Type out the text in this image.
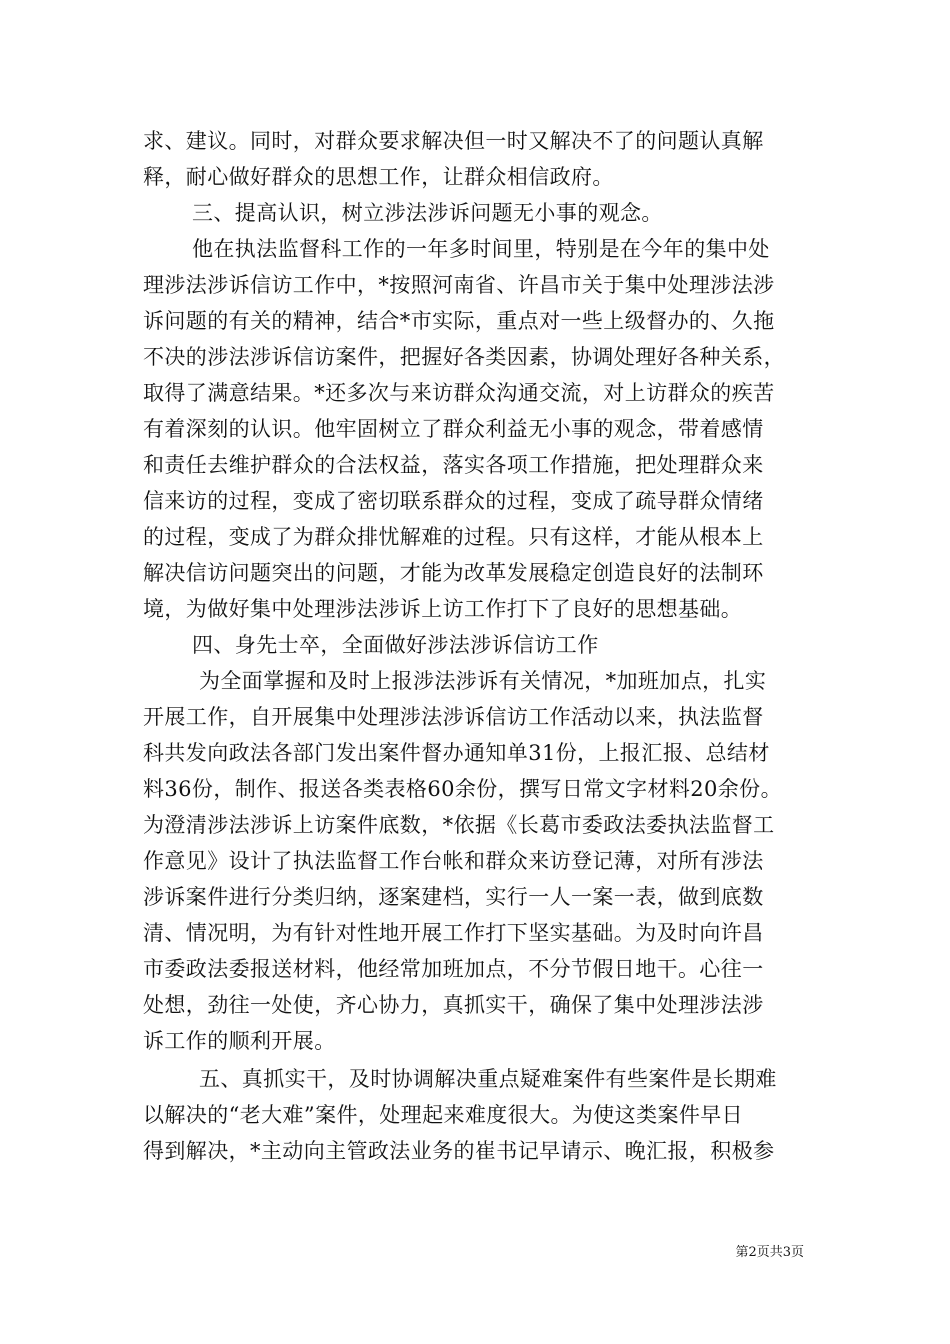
求、建议。同时，对群众要求解决但一时又解决不了的问题认真解
释，耐心做好群众的思想工作，让群众相信政府。
三、提高认识，树立涉法涉诉问题无小事的观念。
他在执法监督科工作的一年多时间里，特别是在今年的集中处
理涉法涉诉信访工作中，*按照河南省、许昌市关于集中处理涉法涉
诉问题的有关的精神，结合*市实际，重点对一些上级督办的、久拖
不决的涉法涉诉信访案件，把握好各类因素，协调处理好各种关系，
取得了满意结果。*还多次与来访群众沟通交流，对上访群众的疾苦
有着深刻的认识。他牢固树立了群众利益无小事的观念，带着感情
和责任去维护群众的合法权益，落实各项工作措施，把处理群众来
信来访的过程，变成了密切联系群众的过程，变成了疏导群众情绪
的过程，变成了为群众排忧解难的过程。只有这样，才能从根本上
解决信访问题突出的问题，才能为改革发展稳定创造良好的法制环
境，为做好集中处理涉法涉诉上访工作打下了良好的思想基础。
四、身先士卒，全面做好涉法涉诉信访工作
为全面掌握和及时上报涉法涉诉有关情况，*加班加点，扎实
开展工作，自开展集中处理涉法涉诉信访工作活动以来，执法监督
科共发向政法各部门发出案件督办通知单31份，上报汇报、总结材
料36份，制作、报送各类表格60余份，撰写日常文字材料20余份。
为澄清涉法涉诉上访案件底数，*依据《长葛市委政法委执法监督工
作意见》设计了执法监督工作台帐和群众来访登记薄，对所有涉法
涉诉案件进行分类归纳，逐案建档，实行一人一案一表，做到底数
清、情况明，为有针对性地开展工作打下坚实基础。为及时向许昌
市委政法委报送材料，他经常加班加点，不分节假日地干。心往一
处想，劲往一处使，齐心协力，真抓实干，确保了集中处理涉法涉
诉工作的顺利开展。
五、真抓实干，及时协调解决重点疑难案件有些案件是长期难
以解决的“老大难”案件，处理起来难度很大。为使这类案件早日
得到解决，*主动向主管政法业务的崔书记早请示、晚汇报，积极参
第2页共3页
